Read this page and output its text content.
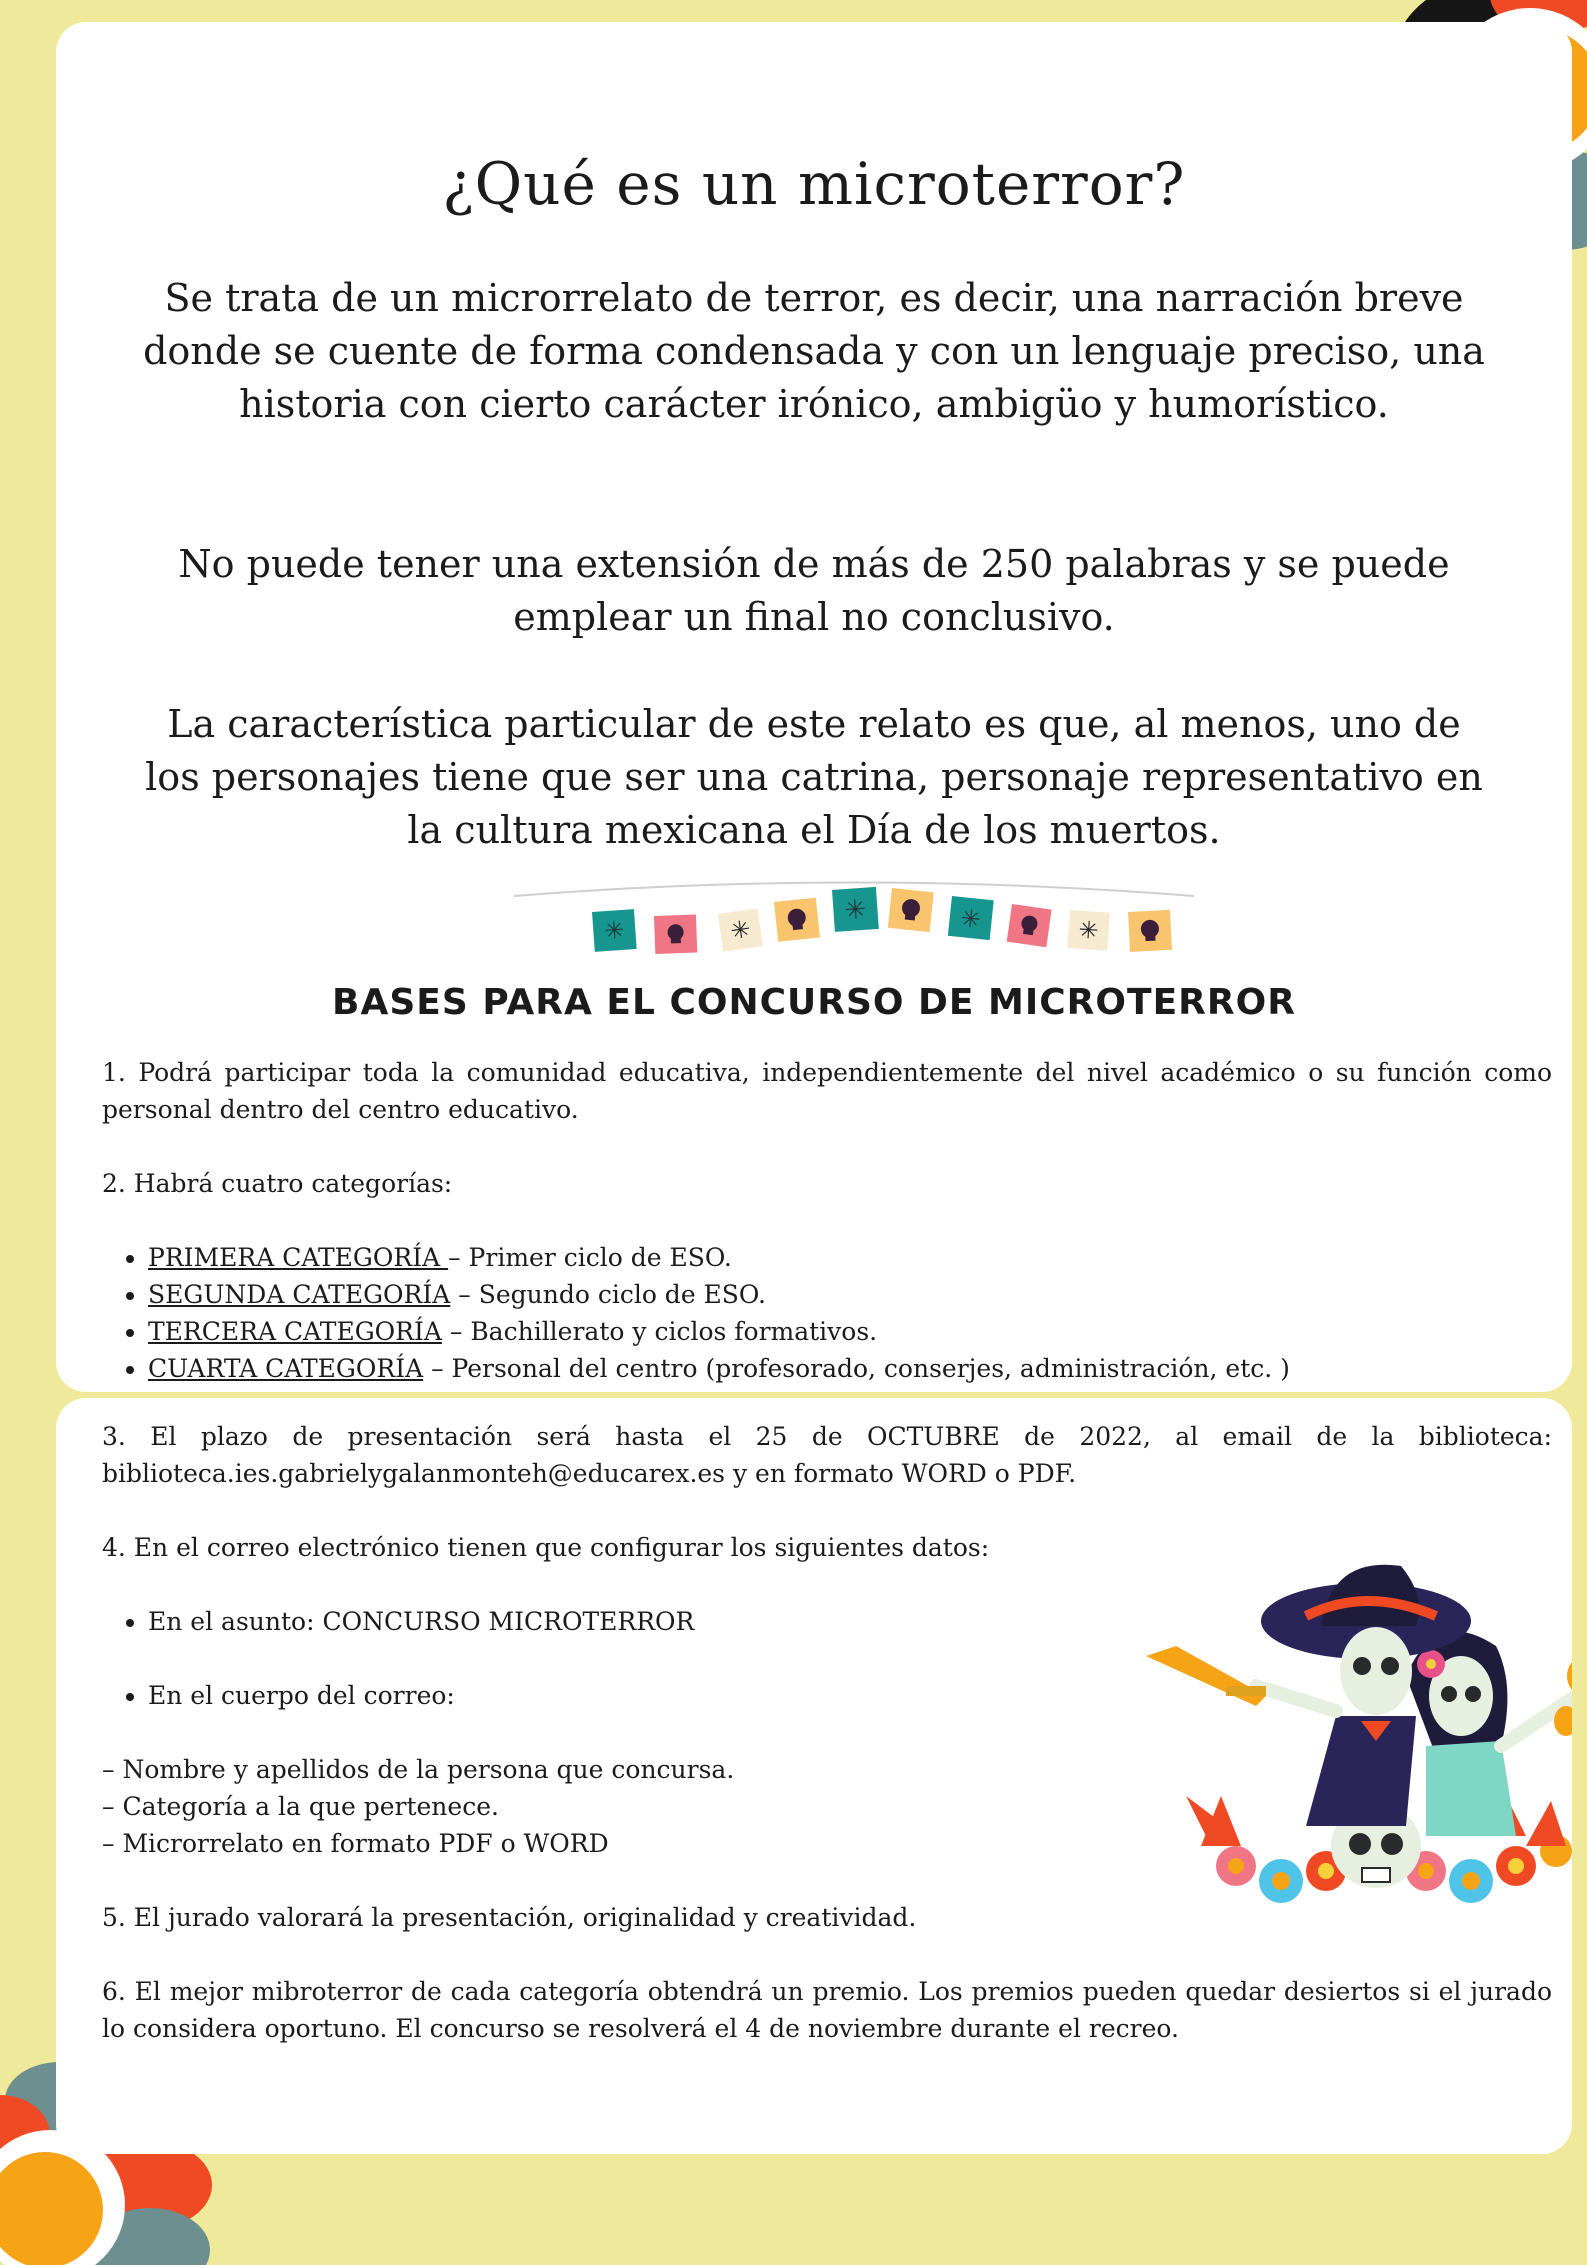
¿Qué es un microterror?

Se trata de un microrrelato de terror, es decir, una narración breve donde se cuente de forma condensada y con un lenguaje preciso, una historia con cierto carácter irónico, ambigüo y humorístico.

No puede tener una extensión de más de 250 palabras y se puede emplear un final no conclusivo.

La característica particular de este relato es que, al menos, uno de los personajes tiene que ser una catrina, personaje representativo en la cultura mexicana el Día de los muertos.

✳	✳
✳	✳	✳
BASES PARA EL CONCURSO DE MICROTERROR

1. Podrá participar toda la comunidad educativa, independientemente del nivel académico o su función como personal dentro del centro educativo.

2. Habrá cuatro categorías:

• PRIMERA CATEGORÍA – Primer ciclo de ESO.
• SEGUNDA CATEGORÍA – Segundo ciclo de ESO.
• TERCERA CATEGORÍA – Bachillerato y ciclos formativos.
• CUARTA CATEGORÍA – Personal del centro (profesorado, conserjes, administración, etc. )

3. El plazo de presentación será hasta el 25 de OCTUBRE de 2022, al email de la biblioteca: biblioteca.ies.gabrielygalanmonteh@educarex.es y en formato WORD o PDF.

4. En el correo electrónico tienen que configurar los siguientes datos:

• En el asunto: CONCURSO MICROTERROR
• En el cuerpo del correo:

– Nombre y apellidos de la persona que concursa.

– Categoría a la que pertenece.

– Microrrelato en formato PDF o WORD

5. El jurado valorará la presentación, originalidad y creatividad.

6. El mejor mibroterror de cada categoría obtendrá un premio. Los premios pueden quedar desiertos si el jurado lo considera oportuno. El concurso se resolverá el 4 de noviembre durante el recreo.
